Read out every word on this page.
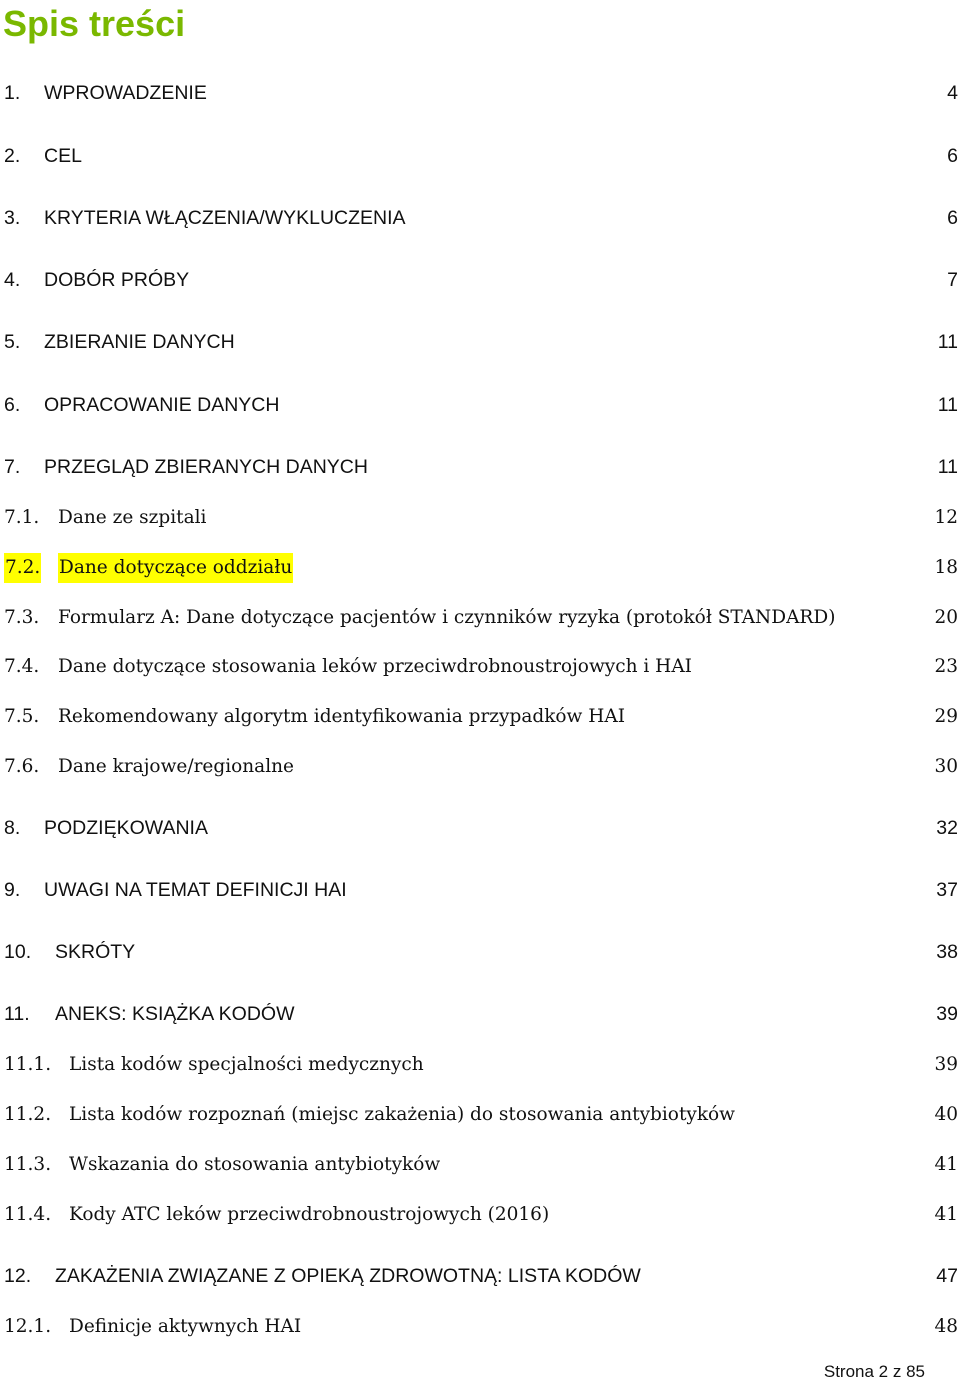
Spis treści
1. WPROWADZENIE	4
2. CEL	6
3. KRYTERIA WŁĄCZENIA/WYKLUCZENIA	6
4. DOBÓR PRÓBY	7
5. ZBIERANIE DANYCH	11
6. OPRACOWANIE DANYCH	11
7. PRZEGLĄD ZBIERANYCH DANYCH	11
7.1. Dane ze szpitali	12
7.2. Dane dotyczące oddziału	18
7.3. Formularz A: Dane dotyczące pacjentów i czynników ryzyka (protokół STANDARD)	20
7.4. Dane dotyczące stosowania leków przeciwdrobnoustrojowych i HAI	23
7.5. Rekomendowany algorytm identyfikowania przypadków HAI	29
7.6. Dane krajowe/regionalne	30
8. PODZIĘKOWANIA	32
9. UWAGI NA TEMAT DEFINICJI HAI	37
10. SKRÓTY	38
11. ANEKS: KSIĄŻKA KODÓW	39
11.1. Lista kodów specjalności medycznych	39
11.2. Lista kodów rozpoznań (miejsc zakażenia) do stosowania antybiotyków	40
11.3. Wskazania do stosowania antybiotyków	41
11.4. Kody ATC leków przeciwdrobnoustrojowych (2016)	41
12. ZAKAŻENIA ZWIĄZANE Z OPIEKĄ ZDROWOTNĄ: LISTA KODÓW	47
12.1. Definicje aktywnych HAI	48
Strona 2 z 85
